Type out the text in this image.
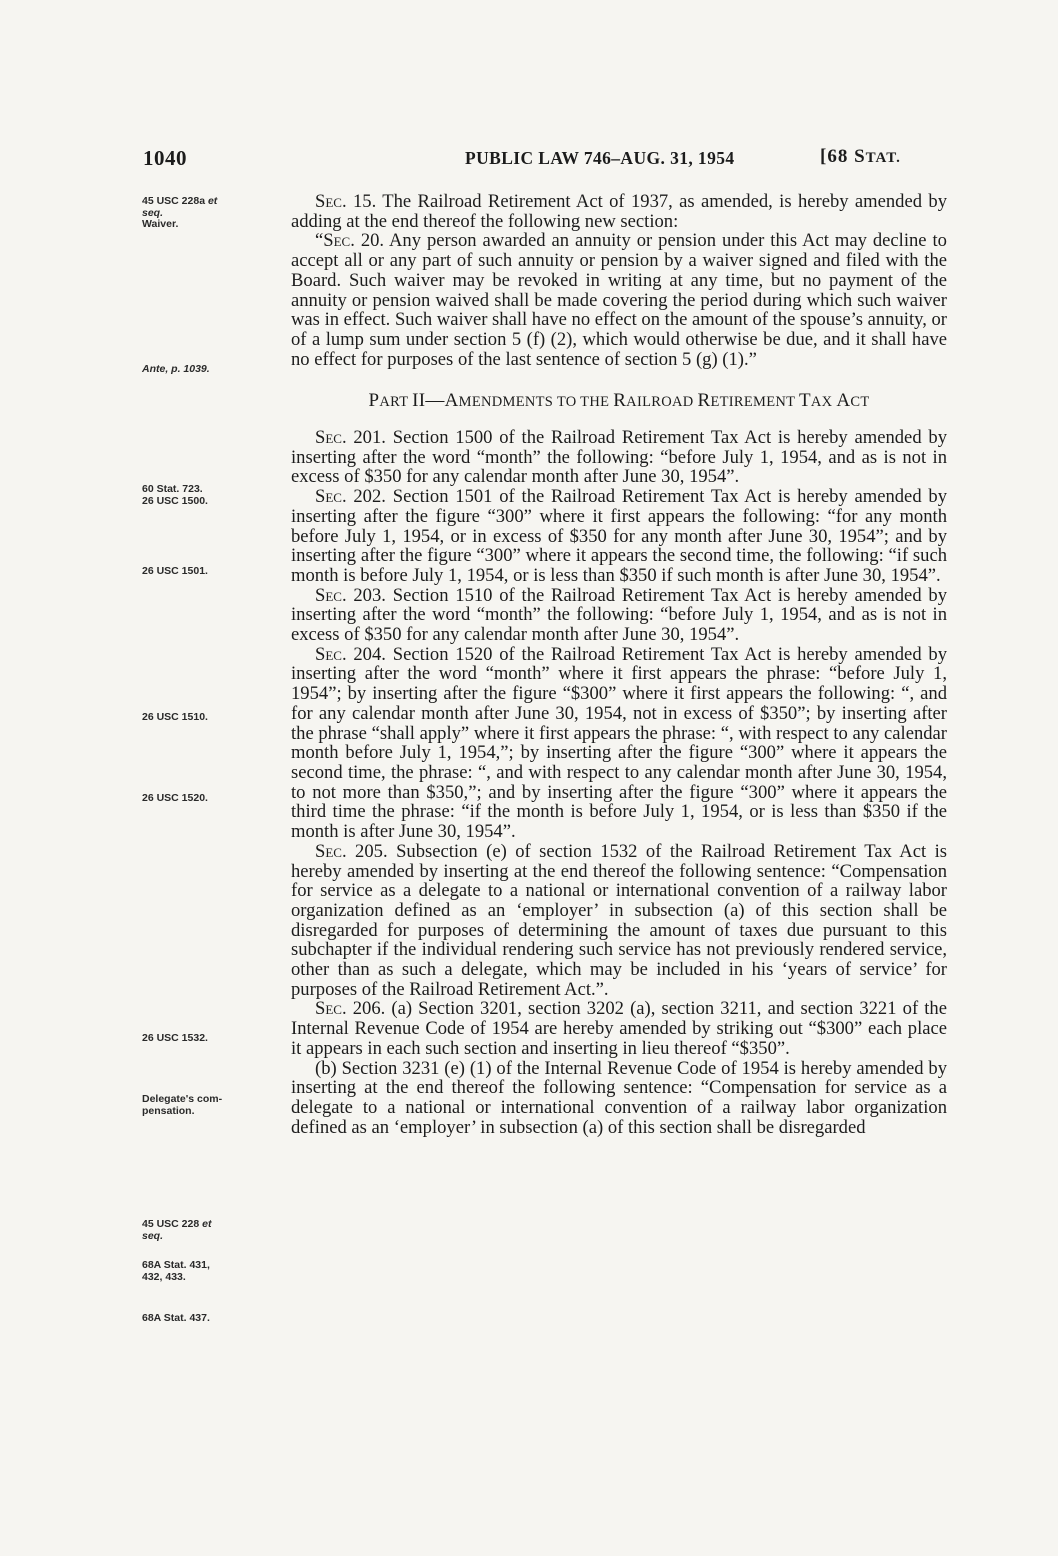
1040	PUBLIC LAW 746–AUG. 31, 1954	[68 STAT.
45 USC 228a et
seq.
Waiver.
Ante, p. 1039.
60 Stat. 723.
26 USC 1500.
26 USC 1501.
26 USC 1510.
26 USC 1520.
26 USC 1532.
Delegate's com-
pensation.
45 USC 228 et
seq.
68A Stat. 431,
432, 433.
68A Stat. 437.

Sec. 15. The Railroad Retirement Act of 1937, as amended, is hereby amended by adding at the end thereof the following new section:

“Sec. 20. Any person awarded an annuity or pension under this Act may decline to accept all or any part of such annuity or pension by a waiver signed and filed with the Board. Such waiver may be revoked in writing at any time, but no payment of the annuity or pension waived shall be made covering the period during which such waiver was in effect. Such waiver shall have no effect on the amount of the spouse’s annuity, or of a lump sum under section 5 (f) (2), which would otherwise be due, and it shall have no effect for purposes of the last sentence of section 5 (g) (1).”

PART II—AMENDMENTS TO THE RAILROAD RETIREMENT TAX ACT

Sec. 201. Section 1500 of the Railroad Retirement Tax Act is hereby amended by inserting after the word “month” the following: “before July 1, 1954, and as is not in excess of $350 for any calendar month after June 30, 1954”.

Sec. 202. Section 1501 of the Railroad Retirement Tax Act is hereby amended by inserting after the figure “300” where it first appears the following: “for any month before July 1, 1954, or in excess of $350 for any month after June 30, 1954”; and by inserting after the figure “300” where it appears the second time, the following: “if such month is before July 1, 1954, or is less than $350 if such month is after June 30, 1954”.

Sec. 203. Section 1510 of the Railroad Retirement Tax Act is hereby amended by inserting after the word “month” the following: “before July 1, 1954, and as is not in excess of $350 for any calendar month after June 30, 1954”.

Sec. 204. Section 1520 of the Railroad Retirement Tax Act is hereby amended by inserting after the word “month” where it first appears the phrase: “before July 1, 1954”; by inserting after the figure “$300” where it first appears the following: “, and for any calendar month after June 30, 1954, not in excess of $350”; by inserting after the phrase “shall apply” where it first appears the phrase: “, with respect to any calendar month before July 1, 1954,”; by inserting after the figure “300” where it appears the second time, the phrase: “, and with respect to any calendar month after June 30, 1954, to not more than $350,”; and by inserting after the figure “300” where it appears the third time the phrase: “if the month is before July 1, 1954, or is less than $350 if the month is after June 30, 1954”.

Sec. 205. Subsection (e) of section 1532 of the Railroad Retirement Tax Act is hereby amended by inserting at the end thereof the following sentence: “Compensation for service as a delegate to a national or international convention of a railway labor organization defined as an ‘employer’ in subsection (a) of this section shall be disregarded for purposes of determining the amount of taxes due pursuant to this subchapter if the individual rendering such service has not previously rendered service, other than as such a delegate, which may be included in his ‘years of service’ for purposes of the Railroad Retirement Act.”.

Sec. 206. (a) Section 3201, section 3202 (a), section 3211, and section 3221 of the Internal Revenue Code of 1954 are hereby amended by striking out “$300” each place it appears in each such section and inserting in lieu thereof “$350”.

(b) Section 3231 (e) (1) of the Internal Revenue Code of 1954 is hereby amended by inserting at the end thereof the following sentence: “Compensation for service as a delegate to a national or international convention of a railway labor organization defined as an ‘employer’ in subsection (a) of this section shall be disregarded
